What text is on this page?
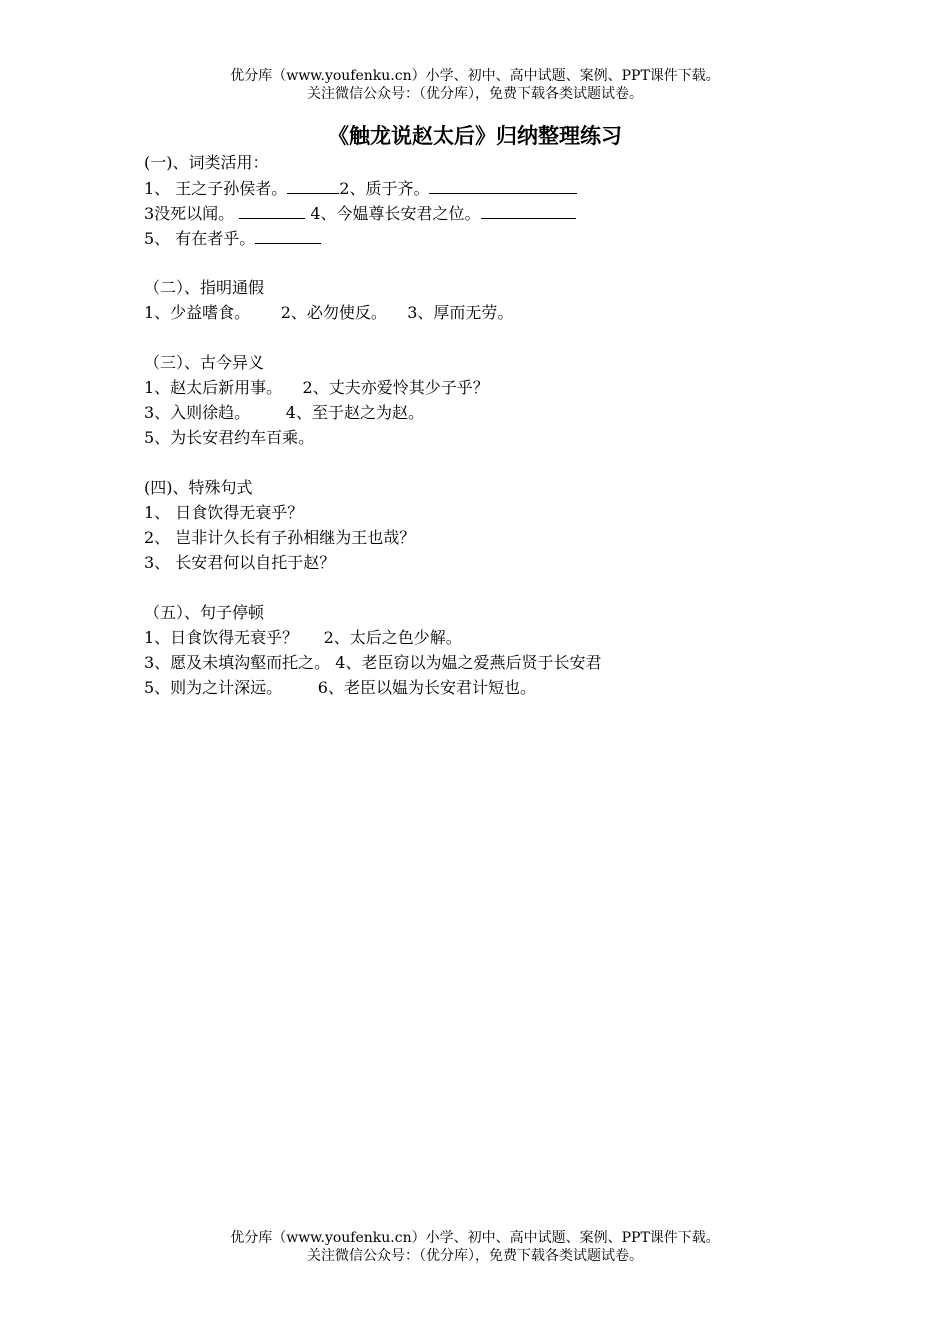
优分库（www.youfenku.cn）小学、初中、高中试题、案例、PPT课件下载。
关注微信公众号：（优分库），免费下载各类试题试卷。
《触龙说赵太后》归纳整理练习
(一)、词类活用：
1、 王之子孙侯者。	2、质于齐。
3没死以闻。	4、今媪尊长安君之位。
5、 有在者乎。
（二）、指明通假
1、少益嗜食。      2、必勿使反。    3、厚而无劳。
（三）、古今异义
1、赵太后新用事。    2、丈夫亦爱怜其少子乎？
3、入则徐趋。       4、至于赵之为赵。
5、为长安君约车百乘。
(四)、特殊句式
1、 日食饮得无衰乎？
2、 岂非计久长有子孙相继为王也哉？
3、 长安君何以自托于赵？
（五）、句子停顿
1、日食饮得无衰乎？     2、太后之色少解。
3、愿及未填沟壑而托之。 4、老臣窃以为媪之爱燕后贤于长安君
5、则为之计深远。       6、老臣以媪为长安君计短也。
优分库（www.youfenku.cn）小学、初中、高中试题、案例、PPT课件下载。
关注微信公众号：（优分库），免费下载各类试题试卷。
